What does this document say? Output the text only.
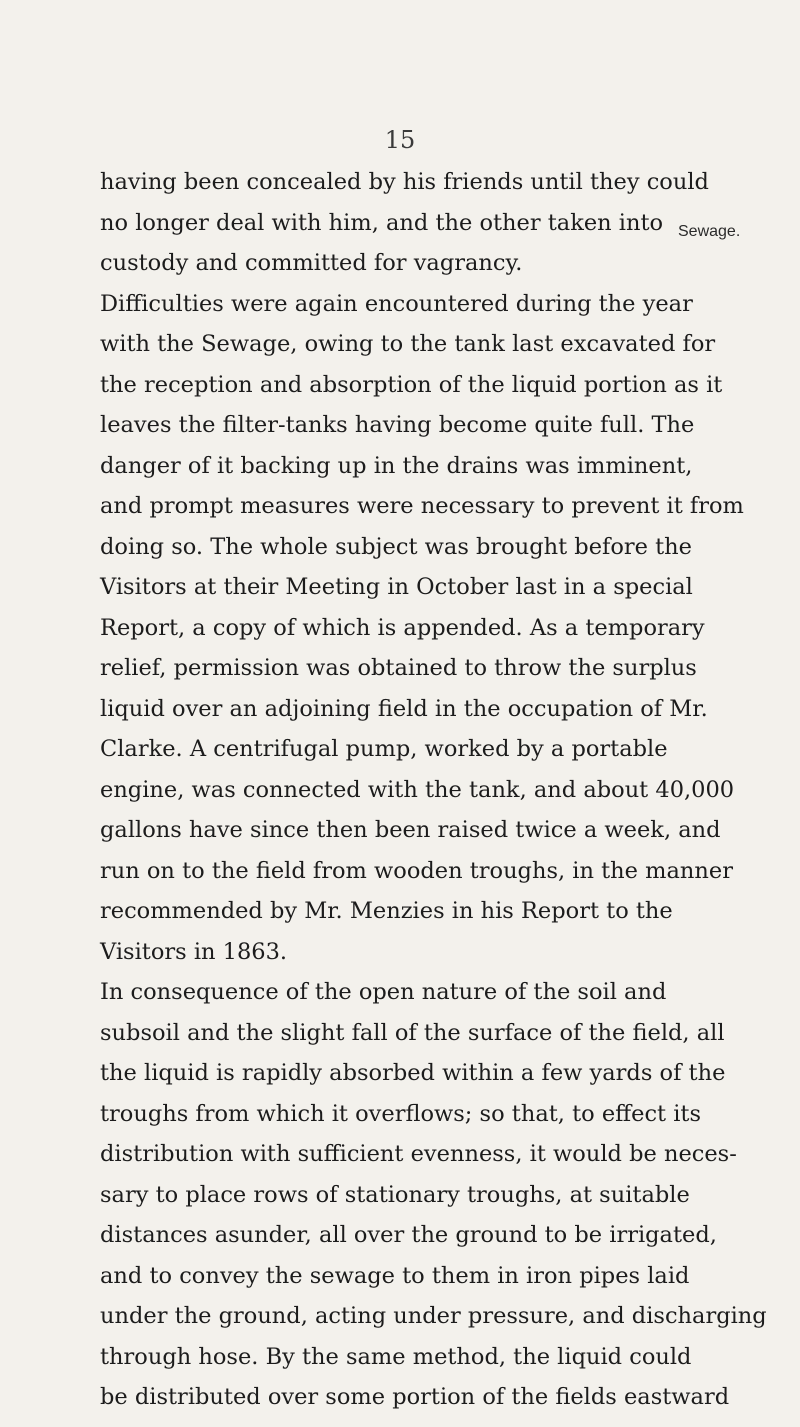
15
Sewage.
having been concealed by his friends until they could
no longer deal with him, and the other taken into
custody and committed for vagrancy.
Difficulties were again encountered during the year
with the Sewage, owing to the tank last excavated for
the reception and absorption of the liquid portion as it
leaves the filter-tanks having become quite full. The
danger of it backing up in the drains was imminent,
and prompt measures were necessary to prevent it from
doing so. The whole subject was brought before the
Visitors at their Meeting in October last in a special
Report, a copy of which is appended. As a temporary
relief, permission was obtained to throw the surplus
liquid over an adjoining field in the occupation of Mr.
Clarke. A centrifugal pump, worked by a portable
engine, was connected with the tank, and about 40,000
gallons have since then been raised twice a week, and
run on to the field from wooden troughs, in the manner
recommended by Mr. Menzies in his Report to the
Visitors in 1863.
In consequence of the open nature of the soil and
subsoil and the slight fall of the surface of the field, all
the liquid is rapidly absorbed within a few yards of the
troughs from which it overflows; so that, to effect its
distribution with sufficient evenness, it would be neces-
sary to place rows of stationary troughs, at suitable
distances asunder, all over the ground to be irrigated,
and to convey the sewage to them in iron pipes laid
under the ground, acting under pressure, and discharging
through hose. By the same method, the liquid could
be distributed over some portion of the fields eastward
